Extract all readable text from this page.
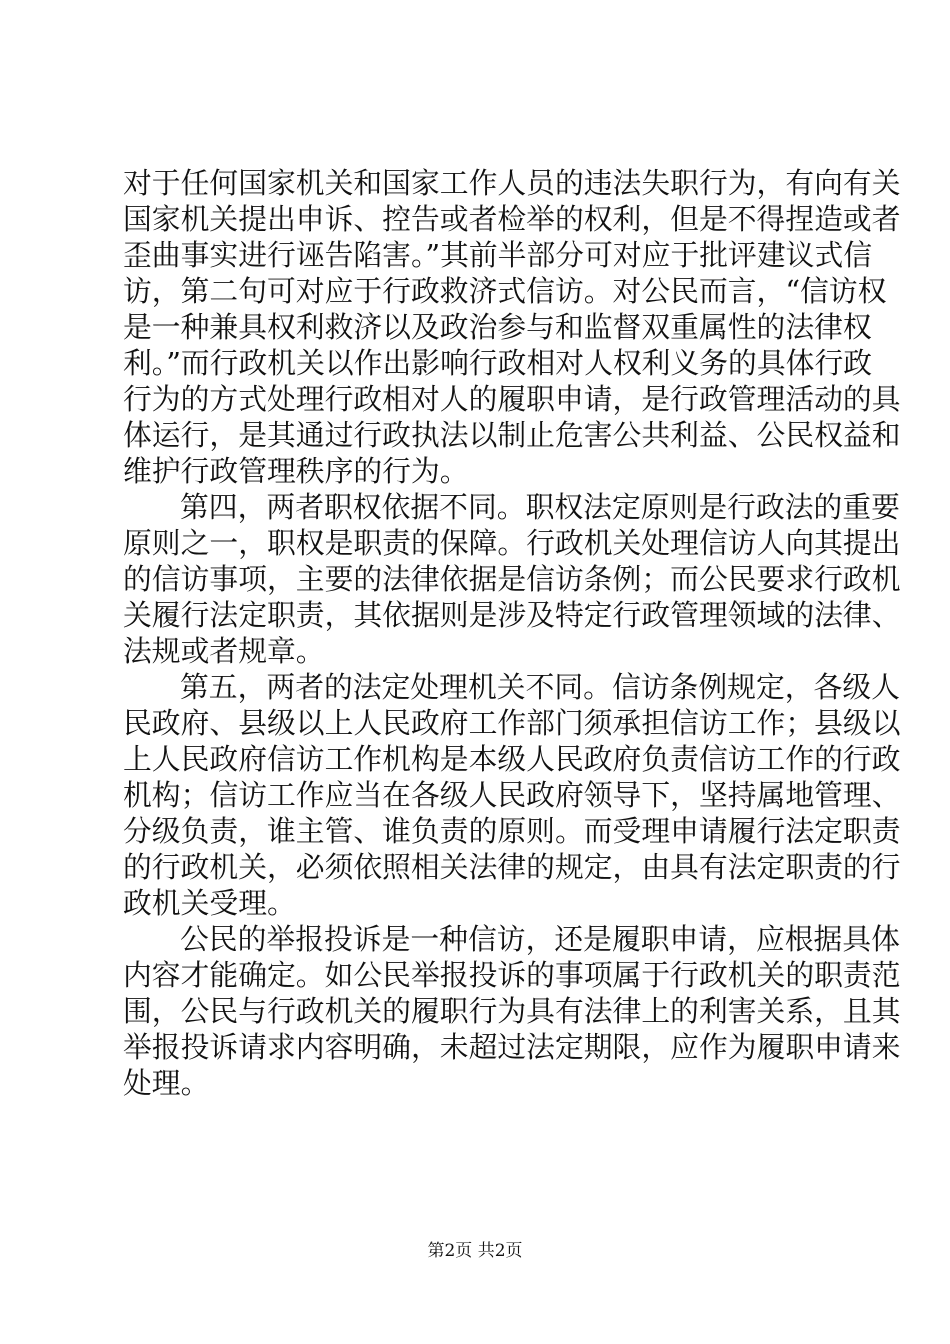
对于任何国家机关和国家工作人员的违法失职行为，有向有关
国家机关提出申诉、控告或者检举的权利，但是不得捏造或者
歪曲事实进行诬告陷害。”其前半部分可对应于批评建议式信
访，第二句可对应于行政救济式信访。对公民而言，“信访权
是一种兼具权利救济以及政治参与和监督双重属性的法律权
利。”而行政机关以作出影响行政相对人权利义务的具体行政
行为的方式处理行政相对人的履职申请，是行政管理活动的具
体运行，是其通过行政执法以制止危害公共利益、公民权益和
维护行政管理秩序的行为。
第四，两者职权依据不同。职权法定原则是行政法的重要
原则之一，职权是职责的保障。行政机关处理信访人向其提出
的信访事项，主要的法律依据是信访条例；而公民要求行政机
关履行法定职责，其依据则是涉及特定行政管理领域的法律、
法规或者规章。
第五，两者的法定处理机关不同。信访条例规定，各级人
民政府、县级以上人民政府工作部门须承担信访工作；县级以
上人民政府信访工作机构是本级人民政府负责信访工作的行政
机构；信访工作应当在各级人民政府领导下，坚持属地管理、
分级负责，谁主管、谁负责的原则。而受理申请履行法定职责
的行政机关，必须依照相关法律的规定，由具有法定职责的行
政机关受理。
公民的举报投诉是一种信访，还是履职申请，应根据具体
内容才能确定。如公民举报投诉的事项属于行政机关的职责范
围，公民与行政机关的履职行为具有法律上的利害关系，且其
举报投诉请求内容明确，未超过法定期限，应作为履职申请来
处理。
第2页 共2页
